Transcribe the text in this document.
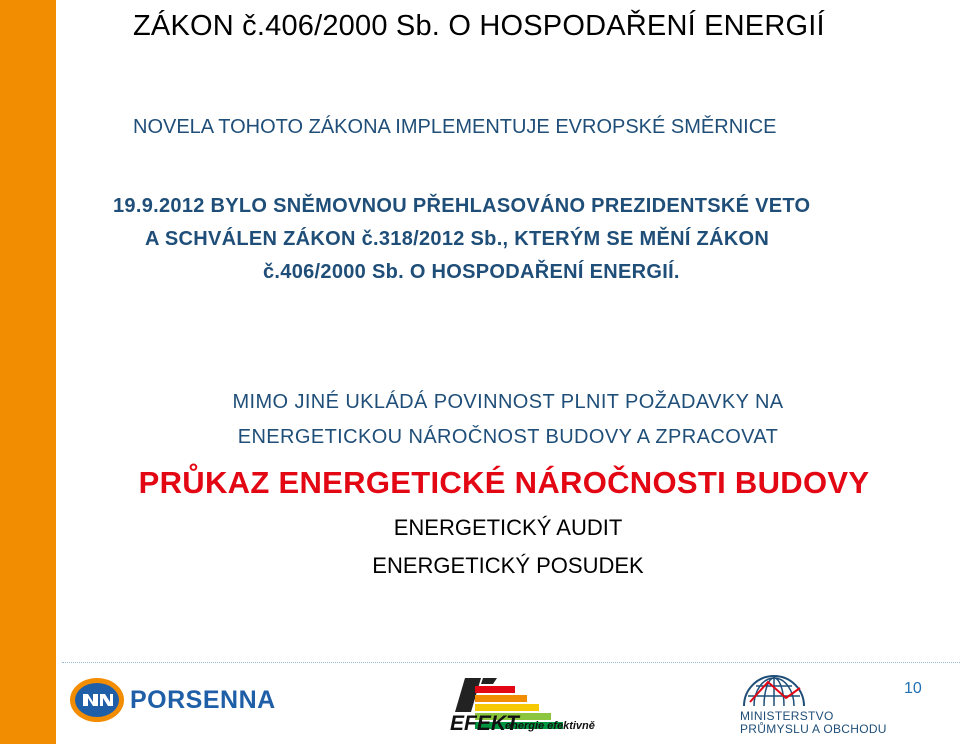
ZÁKON č.406/2000 Sb. O HOSPODAŘENÍ ENERGIÍ
NOVELA TOHOTO ZÁKONA IMPLEMENTUJE EVROPSKÉ SMĚRNICE
19.9.2012 BYLO SNĚMOVNOU PŘEHLASOVÁNO PREZIDENTSKÉ VETO
A SCHVÁLEN ZÁKON č.318/2012 Sb., KTERÝM SE MĚNÍ ZÁKON
č.406/2000 Sb. O HOSPODAŘENÍ ENERGIÍ.
MIMO JINÉ UKLÁDÁ POVINNOST PLNIT POŽADAVKY NA
ENERGETICKOU NÁROČNOST BUDOVY A ZPRACOVAT
PRŮKAZ ENERGETICKÉ NÁROČNOSTI BUDOVY
ENERGETICKÝ AUDIT
ENERGETICKÝ POSUDEK
10
PORSENNA
EFEKT
energie efektivně
MINISTERSTVO
PRŮMYSLU A OBCHODU
